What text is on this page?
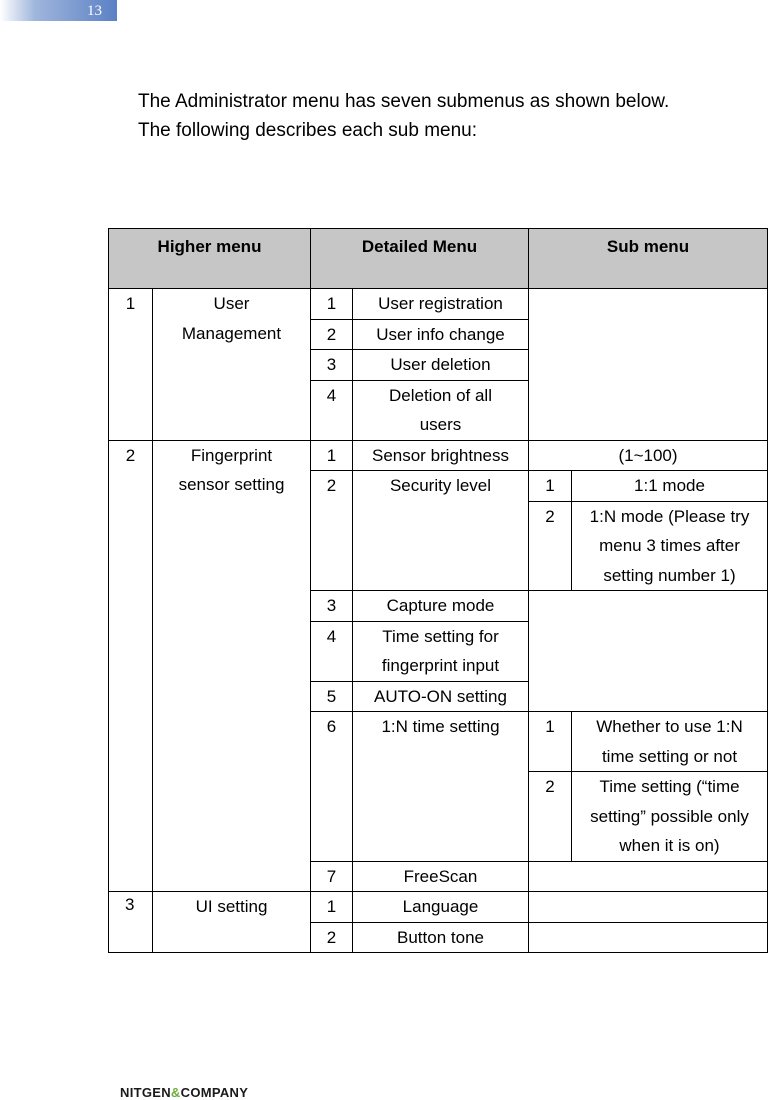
13

The Administrator menu has seven submenus as shown below.

The following describes each sub menu:

Higher menu		Detailed Menu		Sub menu	
1	User Management	1	User registration		
		2	User info change		
		3	User deletion		
		4	Deletion of all users		
2	Fingerprint sensor setting	1	Sensor brightness	(1~100)	
		2	Security level	1	1:1 mode
				2	1:N mode (Please try menu 3 times after setting number 1)
		3	Capture mode		
		4	Time setting for fingerprint input		
		5	AUTO-ON setting		
		6	1:N time setting	1	Whether to use 1:N time setting or not
				2	Time setting (“time setting” possible only when it is on)

		7	FreeScan		
3	UI setting	1	Language		
		2	Button tone		
NITGEN&COMPANY
